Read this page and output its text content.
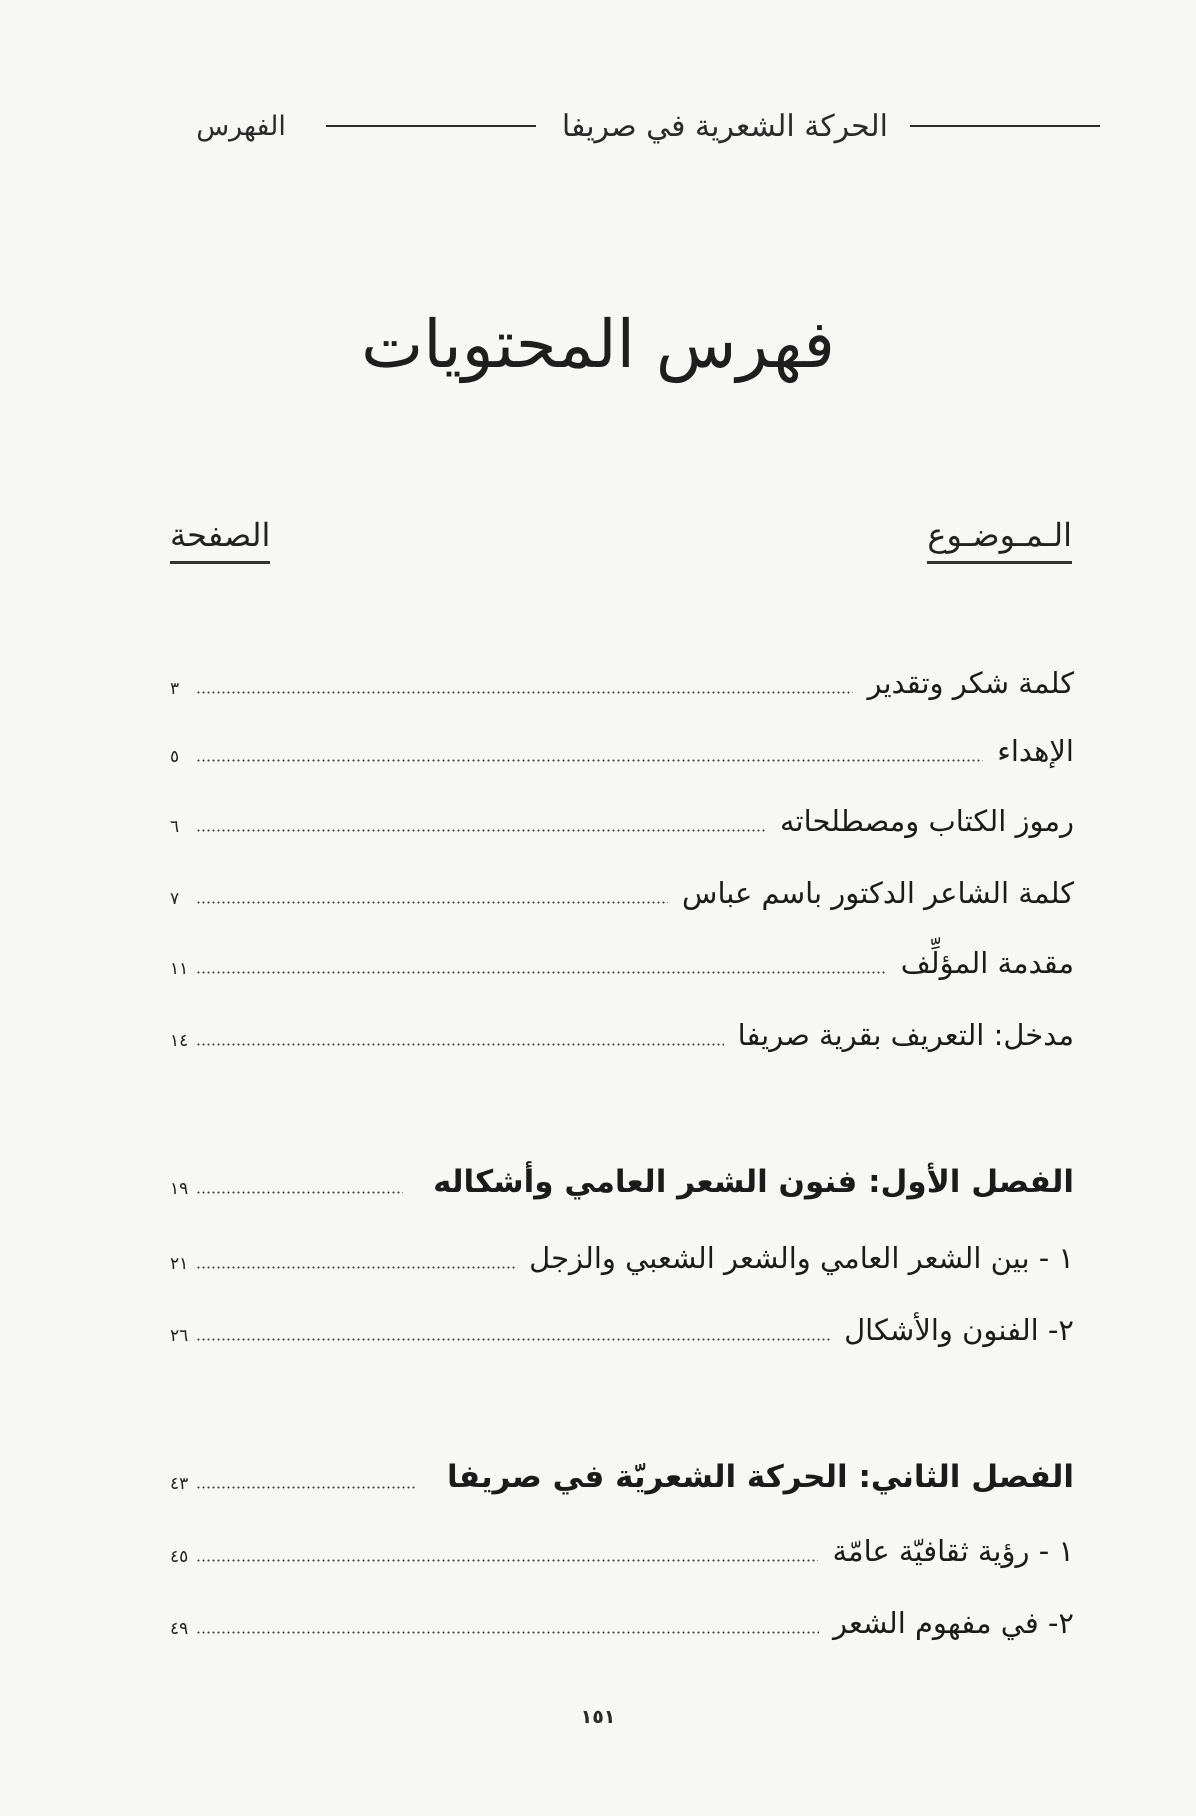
الحركة الشعرية في صريفا
الفهرس
فهرس المحتويات
الـمـوضـوع
الصفحة
كلمة شكر وتقدير
٣
الإهداء
٥
رموز الكتاب ومصطلحاته
٦
كلمة الشاعر الدكتور باسم عباس
٧
مقدمة المؤلِّف
١١
مدخل: التعريف بقرية صريفا
١٤
الفصل الأول: فنون الشعر العامي وأشكاله
١٩
١ - بين الشعر العامي والشعر الشعبي والزجل
٢١
٢- الفنون والأشكال
٢٦
الفصل الثاني: الحركة الشعريّة في صريفا
٤٣
١ - رؤية ثقافيّة عامّة
٤٥
٢- في مفهوم الشعر
٤٩
١٥١
